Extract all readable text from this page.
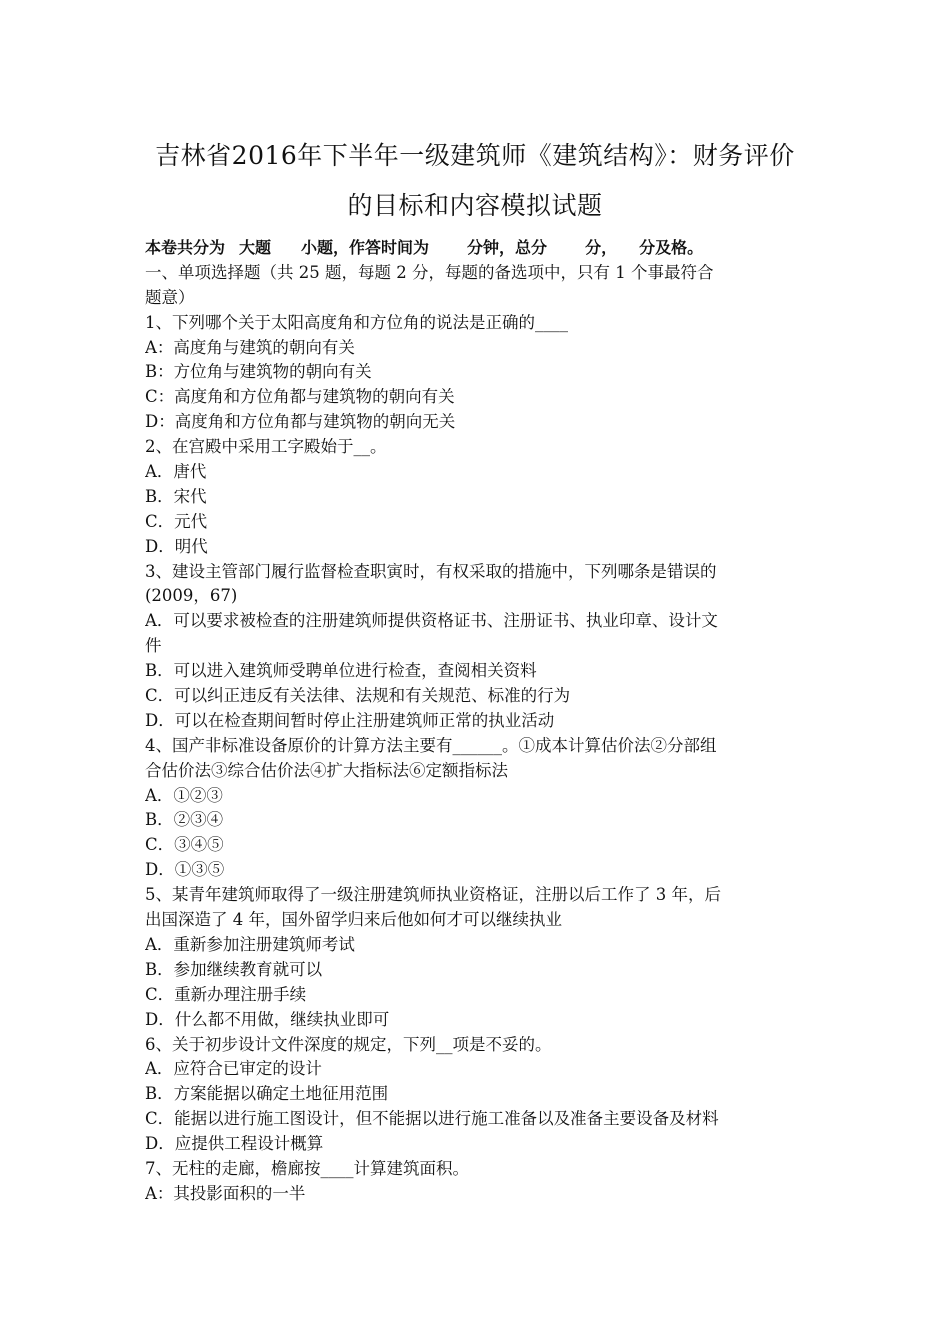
吉林省2016年下半年一级建筑师《建筑结构》：财务评价
的目标和内容模拟试题
本卷共分为 大题 小题，作答时间为 分钟，总分 分， 分及格。
一、单项选择题（共 25 题，每题 2 分，每题的备选项中，只有 1 个事最符合
题意）
1、下列哪个关于太阳高度角和方位角的说法是正确的____
A：高度角与建筑的朝向有关
B：方位角与建筑物的朝向有关
C：高度角和方位角都与建筑物的朝向有关
D：高度角和方位角都与建筑物的朝向无关
2、在宫殿中采用工字殿始于__。
A．唐代
B．宋代
C．元代
D．明代
3、建设主管部门履行监督检查职寅时，有权采取的措施中，下列哪条是错误的
(2009，67)
A．可以要求被检查的注册建筑师提供资格证书、注册证书、执业印章、设计文
件
B．可以进入建筑师受聘单位进行检查，查阅相关资料
C．可以纠正违反有关法律、法规和有关规范、标准的行为
D．可以在检查期间暂时停止注册建筑师正常的执业活动
4、国产非标准设备原价的计算方法主要有______。①成本计算估价法②分部组
合估价法③综合估价法④扩大指标法⑥定额指标法
A．①②③
B．②③④
C．③④⑤
D．①③⑤
5、某青年建筑师取得了一级注册建筑师执业资格证，注册以后工作了 3 年，后
出国深造了 4 年，国外留学归来后他如何才可以继续执业
A．重新参加注册建筑师考试
B．参加继续教育就可以
C．重新办理注册手续
D．什么都不用做，继续执业即可
6、关于初步设计文件深度的规定，下列__项是不妥的。
A．应符合已审定的设计
B．方案能据以确定土地征用范围
C．能据以进行施工图设计，但不能据以进行施工准备以及准备主要设备及材料
D．应提供工程设计概算
7、无柱的走廊，檐廊按____计算建筑面积。
A：其投影面积的一半
